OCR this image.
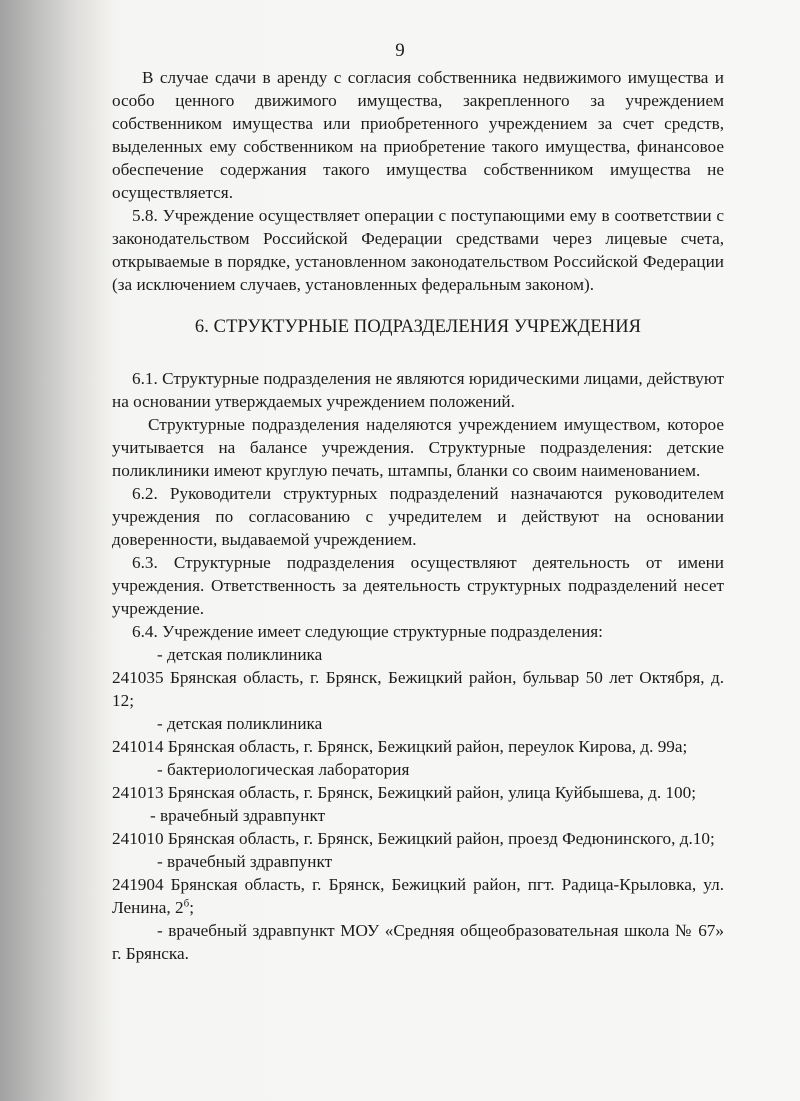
9

В случае сдачи в аренду с согласия собственника недвижимого имущества и особо ценного движимого имущества, закрепленного за учреждением собственником имущества или приобретенного учреждением за счет средств, выделенных ему собственником на приобретение такого имущества, финансовое обеспечение содержания такого имущества собственником имущества не осуществляется.

5.8. Учреждение осуществляет операции с поступающими ему в соответствии с законодательством Российской Федерации средствами через лицевые счета, открываемые в порядке, установленном законодательством Российской Федерации (за исключением случаев, установленных федеральным законом).

6. СТРУКТУРНЫЕ ПОДРАЗДЕЛЕНИЯ УЧРЕЖДЕНИЯ

6.1. Структурные подразделения не являются юридическими лицами, действуют на основании утверждаемых учреждением положений.

Структурные подразделения наделяются учреждением имуществом, которое учитывается на балансе учреждения. Структурные подразделения: детские поликлиники имеют круглую печать, штампы, бланки со своим наименованием.

6.2. Руководители структурных подразделений назначаются руководителем учреждения по согласованию с учредителем и действуют на основании доверенности, выдаваемой учреждением.

6.3. Структурные подразделения осуществляют деятельность от имени учреждения. Ответственность за деятельность структурных подразделений несет учреждение.

6.4. Учреждение имеет следующие структурные подразделения:

- детская поликлиника

241035 Брянская область, г. Брянск, Бежицкий район, бульвар 50 лет Октября, д. 12;

- детская поликлиника

241014 Брянская область, г. Брянск, Бежицкий район, переулок Кирова, д. 99а;

- бактериологическая лаборатория

241013 Брянская область, г. Брянск, Бежицкий район, улица Куйбышева, д. 100;

- врачебный здравпункт

241010 Брянская область, г. Брянск, Бежицкий район, проезд Федюнинского, д.10;

- врачебный здравпункт

241904 Брянская область, г. Брянск, Бежицкий район, пгт. Радица-Крыловка, ул. Ленина, $2^б$;

- врачебный здравпункт МОУ «Средняя общеобразовательная школа № 67» г. Брянска.
